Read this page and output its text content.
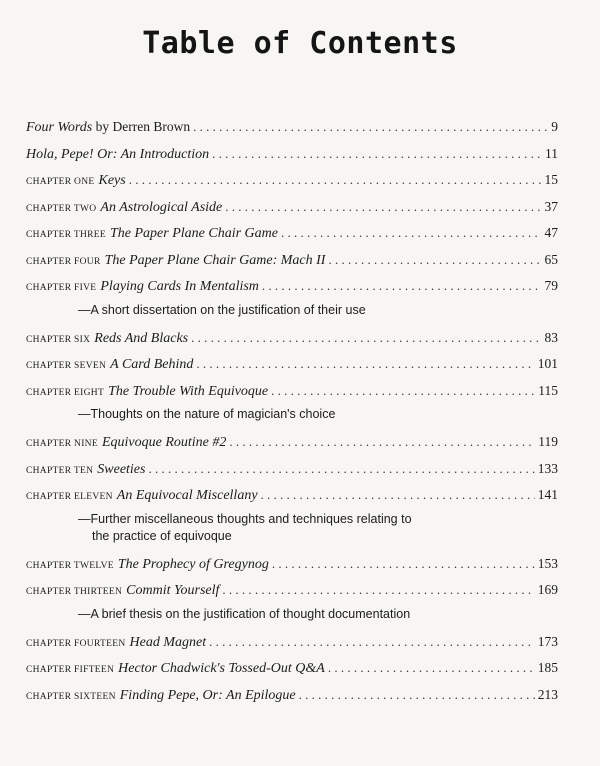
Table of Contents
Four Words by Derren Brown . . .	9
Hola, Pepe! Or: An Introduction . . .	11
CHAPTER ONE Keys . . .	15
CHAPTER TWO An Astrological Aside . . .	37
CHAPTER THREE The Paper Plane Chair Game . . .	47
CHAPTER FOUR The Paper Plane Chair Game: Mach II . . .	65
CHAPTER FIVE Playing Cards In Mentalism . . .	79
—A short dissertation on the justification of their use
CHAPTER SIX Reds And Blacks . . .	83
CHAPTER SEVEN A Card Behind . . .	101
CHAPTER EIGHT The Trouble With Equivoque . . .	115
—Thoughts on the nature of magician's choice
CHAPTER NINE Equivoque Routine #2 . . .	119
CHAPTER TEN Sweeties . . .	133
CHAPTER ELEVEN An Equivocal Miscellany . . .	141
—Further miscellaneous thoughts and techniques relating to
the practice of equivoque
CHAPTER TWELVE The Prophecy of Gregynog . . .	153
CHAPTER THIRTEEN Commit Yourself . . .	169
—A brief thesis on the justification of thought documentation
CHAPTER FOURTEEN Head Magnet . . .	173
CHAPTER FIFTEEN Hector Chadwick's Tossed-Out Q&A . . .	185
CHAPTER SIXTEEN Finding Pepe, Or: An Epilogue . . .	213
